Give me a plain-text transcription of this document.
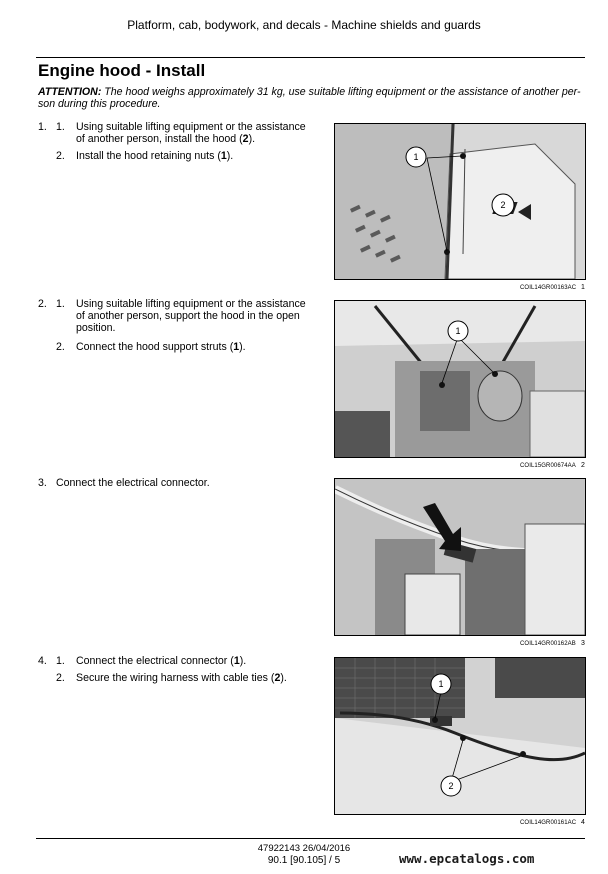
Platform, cab, bodywork, and decals - Machine shields and guards
Engine hood - Install
ATTENTION: The hood weighs approximately 31 kg, use suitable lifting equipment or the assistance of another per-
son during this procedure.
1. 1. Using suitable lifting equipment or the assistance of another person, install the hood (2).
2. Install the hood retaining nuts (1).	1
2
COIL14GR00163AC 1
2. 1. Using suitable lifting equipment or the assistance of another person, support the hood in the open position.
2. Connect the hood support struts (1).
1
COIL15GR00674AA 2
3. Connect the electrical connector.
COIL14GR00162AB 3
4. 1. Connect the electrical connector (1).
2. Secure the wiring harness with cable ties (2).	1
2
COIL14GR00161AC 4
47922143 26/04/2016
90.1 [90.105] / 5	www.epcatalogs.com
